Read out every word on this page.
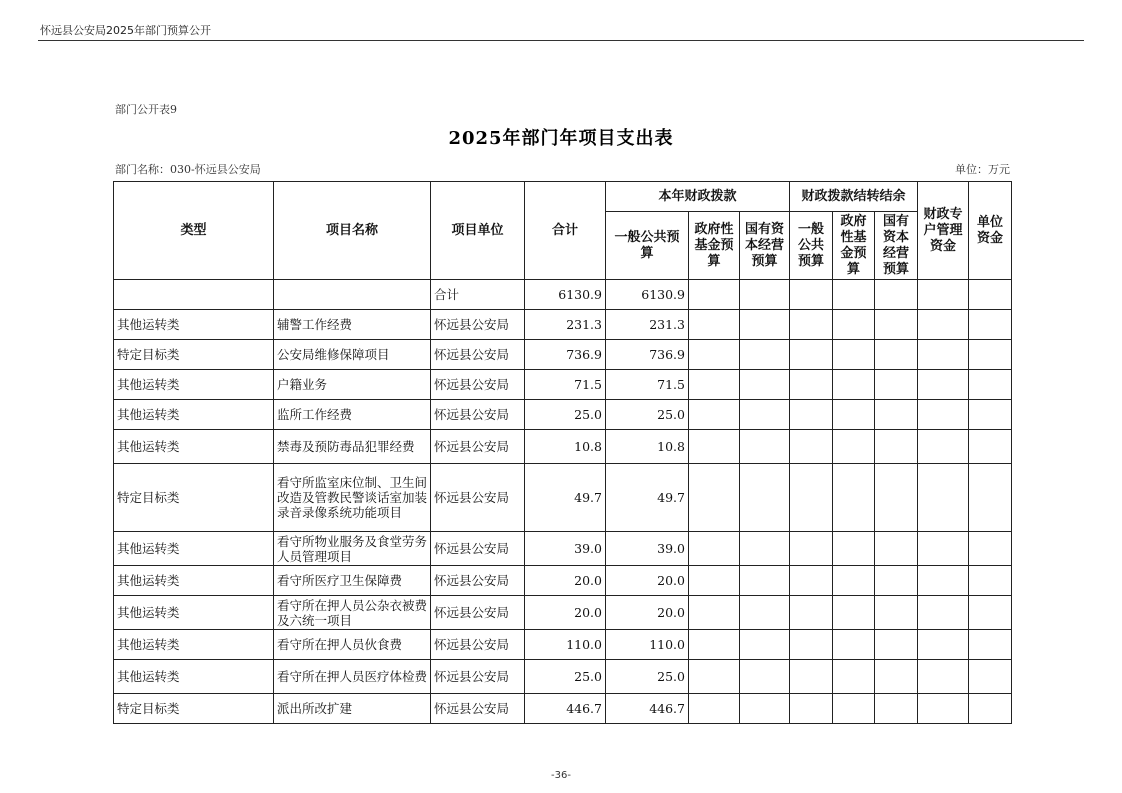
怀远县公安局2025年部门预算公开
部门公开表9
2025年部门年项目支出表
部门名称：030-怀远县公安局	单位：万元
类型	项目名称	项目单位	合计	本年财政拨款			财政拨款结转结余			财政专户管理资金	单位资金
				一般公共预算	政府性基金预算	国有资本经营预算	一般公共预算	政府性基金预算	国有资本经营预算		
		合计	6130.9	6130.9							
其他运转类	辅警工作经费	怀远县公安局	231.3	231.3							
特定目标类	公安局维修保障项目	怀远县公安局	736.9	736.9							
其他运转类	户籍业务	怀远县公安局	71.5	71.5							
其他运转类	监所工作经费	怀远县公安局	25.0	25.0							
其他运转类	禁毒及预防毒品犯罪经费	怀远县公安局	10.8	10.8							
特定目标类	看守所监室床位制、卫生间改造及管教民警谈话室加装录音录像系统功能项目	怀远县公安局	49.7	49.7							
其他运转类	看守所物业服务及食堂劳务人员管理项目	怀远县公安局	39.0	39.0							
其他运转类	看守所医疗卫生保障费	怀远县公安局	20.0	20.0							
其他运转类	看守所在押人员公杂衣被费及六统一项目	怀远县公安局	20.0	20.0							
其他运转类	看守所在押人员伙食费	怀远县公安局	110.0	110.0							
其他运转类	看守所在押人员医疗体检费	怀远县公安局	25.0	25.0							
特定目标类	派出所改扩建	怀远县公安局	446.7	446.7							
-36-
